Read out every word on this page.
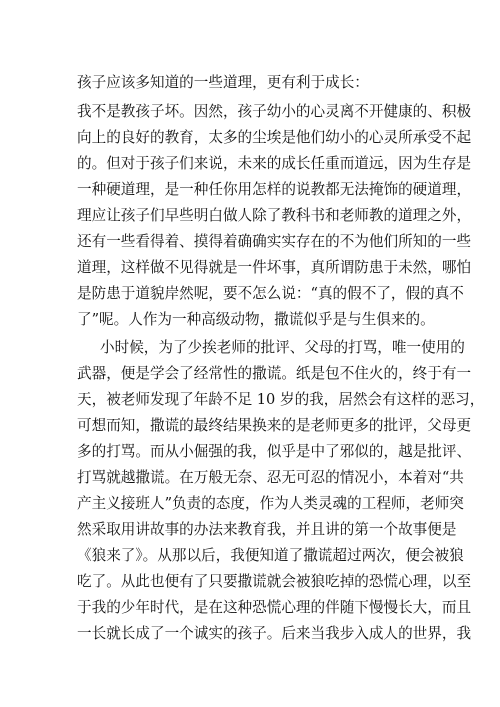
孩子应该多知道的一些道理，更有利于成长：
我不是教孩子坏。因然，孩子幼小的心灵离不开健康的、积极
向上的良好的教育，太多的尘埃是他们幼小的心灵所承受不起
的。但对于孩子们来说，未来的成长任重而道远，因为生存是
一种硬道理，是一种任你用怎样的说教都无法掩饰的硬道理，
理应让孩子们早些明白做人除了教科书和老师教的道理之外，
还有一些看得着、摸得着确确实实存在的不为他们所知的一些
道理，这样做不见得就是一件坏事，真所谓防患于未然，哪怕
是防患于道貌岸然呢，要不怎么说：“真的假不了，假的真不
了”呢。人作为一种高级动物，撒谎似乎是与生俱来的。
小时候，为了少挨老师的批评、父母的打骂，唯一使用的
武器，便是学会了经常性的撒谎。纸是包不住火的，终于有一
天，被老师发现了年龄不足 10 岁的我，居然会有这样的恶习，
可想而知，撒谎的最终结果换来的是老师更多的批评，父母更
多的打骂。而从小倔强的我，似乎是中了邪似的，越是批评、
打骂就越撒谎。在万般无奈、忍无可忍的情况小，本着对“共
产主义接班人”负责的态度，作为人类灵魂的工程师，老师突
然采取用讲故事的办法来教育我，并且讲的第一个故事便是
《狼来了》。从那以后，我便知道了撒谎超过两次，便会被狼
吃了。从此也便有了只要撒谎就会被狼吃掉的恐慌心理，以至
于我的少年时代，是在这种恐慌心理的伴随下慢慢长大，而且
一长就长成了一个诚实的孩子。后来当我步入成人的世界，我
